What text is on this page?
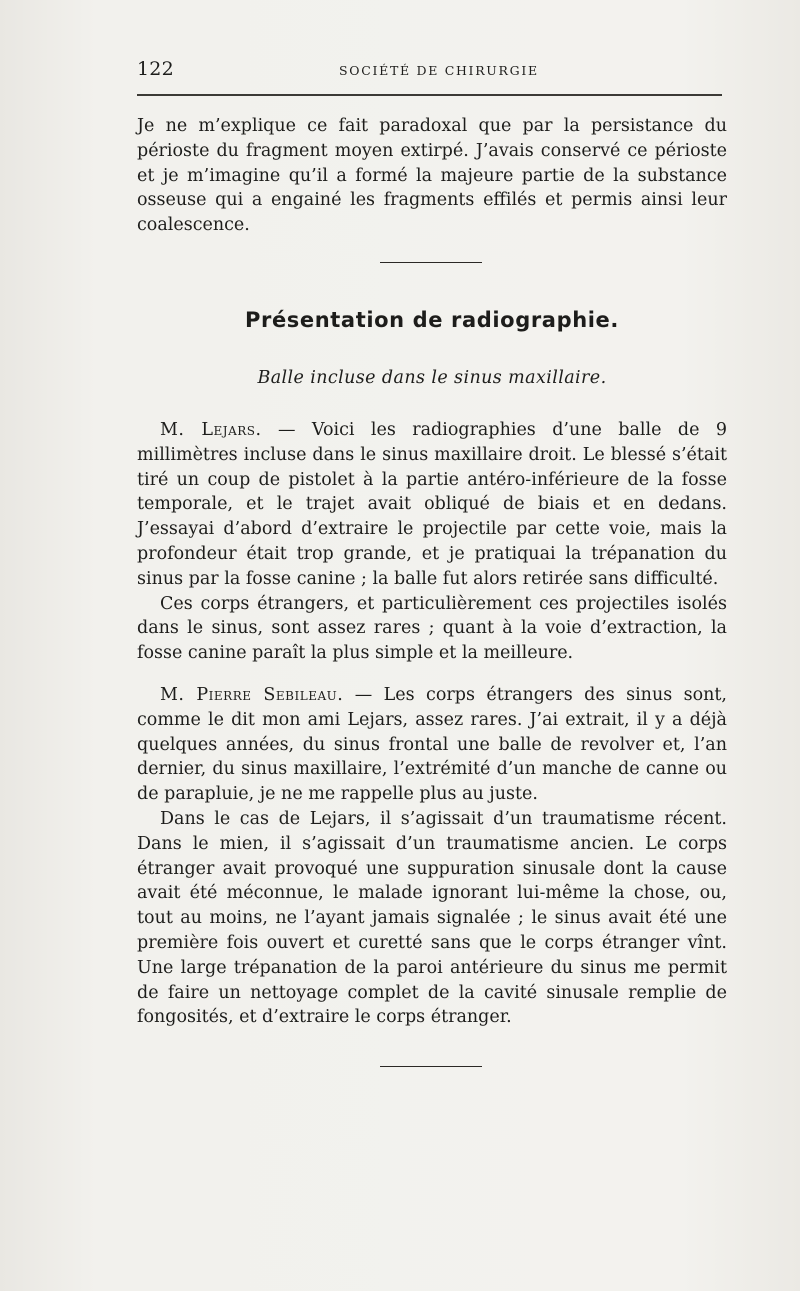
122	SOCIÉTÉ DE CHIRURGIE

Je ne m’explique ce fait paradoxal que par la persistance du périoste du fragment moyen extirpé. J’avais conservé ce périoste et je m’imagine qu’il a formé la majeure partie de la substance osseuse qui a engainé les fragments effilés et permis ainsi leur coalescence.

Présentation de radiographie.
Balle incluse dans le sinus maxillaire.

M. Lejars. — Voici les radiographies d’une balle de 9 millimètres incluse dans le sinus maxillaire droit. Le blessé s’était tiré un coup de pistolet à la partie antéro-inférieure de la fosse temporale, et le trajet avait obliqué de biais et en dedans. J’essayai d’abord d’extraire le projectile par cette voie, mais la profondeur était trop grande, et je pratiquai la trépanation du sinus par la fosse canine ; la balle fut alors retirée sans difficulté.

Ces corps étrangers, et particulièrement ces projectiles isolés dans le sinus, sont assez rares ; quant à la voie d’extraction, la fosse canine paraît la plus simple et la meilleure.

M. Pierre Sebileau. — Les corps étrangers des sinus sont, comme le dit mon ami Lejars, assez rares. J’ai extrait, il y a déjà quelques années, du sinus frontal une balle de revolver et, l’an dernier, du sinus maxillaire, l’extrémité d’un manche de canne ou de parapluie, je ne me rappelle plus au juste.

Dans le cas de Lejars, il s’agissait d’un traumatisme récent. Dans le mien, il s’agissait d’un traumatisme ancien. Le corps étranger avait provoqué une suppuration sinusale dont la cause avait été méconnue, le malade ignorant lui-même la chose, ou, tout au moins, ne l’ayant jamais signalée ; le sinus avait été une première fois ouvert et curetté sans que le corps étranger vînt. Une large trépanation de la paroi antérieure du sinus me permit de faire un nettoyage complet de la cavité sinusale remplie de fongosités, et d’extraire le corps étranger.
